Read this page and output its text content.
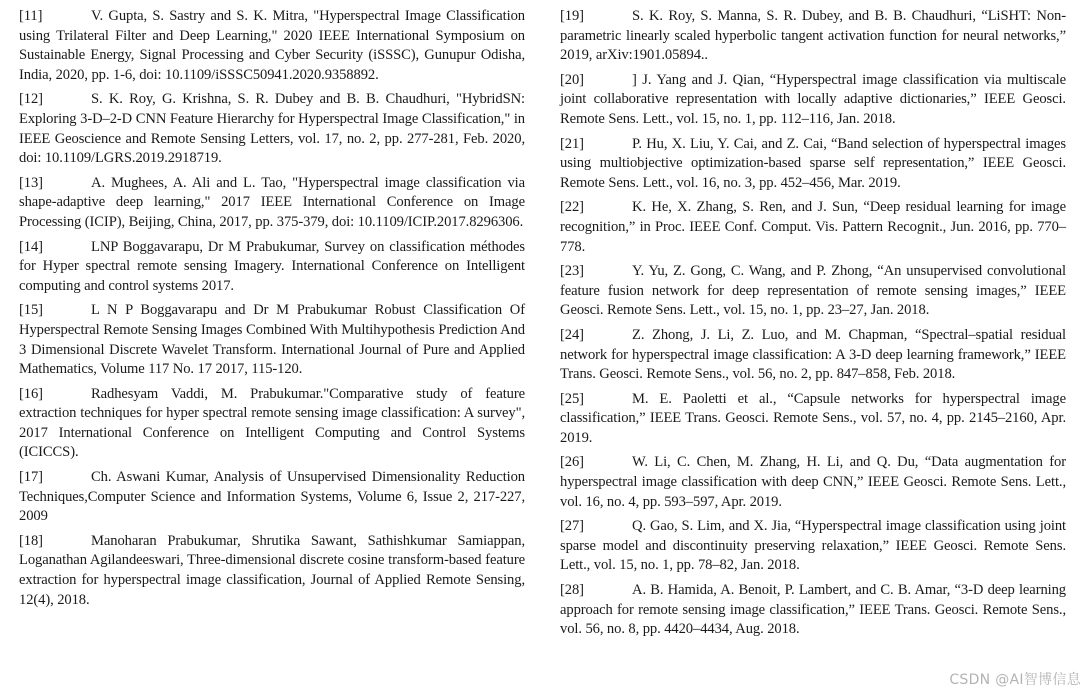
[11]	V. Gupta, S. Sastry and S. K. Mitra, "Hyperspectral Image Classification using Trilateral Filter and Deep Learning," 2020 IEEE International Symposium on Sustainable Energy, Signal Processing and Cyber Security (iSSSC), Gunupur Odisha, India, 2020, pp. 1-6, doi: 10.1109/iSSSC50941.2020.9358892.

[12]	S. K. Roy, G. Krishna, S. R. Dubey and B. B. Chaudhuri, "HybridSN: Exploring 3-D–2-D CNN Feature Hierarchy for Hyperspectral Image Classification," in IEEE Geoscience and Remote Sensing Letters, vol. 17, no. 2, pp. 277-281, Feb. 2020, doi: 10.1109/LGRS.2019.2918719.

[13]	A. Mughees, A. Ali and L. Tao, "Hyperspectral image classification via shape-adaptive deep learning," 2017 IEEE International Conference on Image Processing (ICIP), Beijing, China, 2017, pp. 375-379, doi: 10.1109/ICIP.2017.8296306.

[14]	LNP Boggavarapu, Dr M Prabukumar, Survey on classification méthodes for Hyper spectral remote sensing Imagery. International Conference on Intelligent computing and control systems 2017.

[15]	L N P Boggavarapu and Dr M Prabukumar Robust Classification Of Hyperspectral Remote Sensing Images Combined With Multihypothesis Prediction And 3 Dimensional Discrete Wavelet Transform. International Journal of Pure and Applied Mathematics, Volume 117 No. 17 2017, 115-120.

[16]	Radhesyam Vaddi, M. Prabukumar."Comparative study of feature extraction techniques for hyper spectral remote sensing image classification: A survey", 2017 International Conference on Intelligent Computing and Control Systems (ICICCS).

[17]	Ch. Aswani Kumar, Analysis of Unsupervised Dimensionality Reduction Techniques,Computer Science and Information Systems, Volume 6, Issue 2, 217-227, 2009

[18]	Manoharan Prabukumar, Shrutika Sawant, Sathishkumar Samiappan, Loganathan Agilandeeswari, Three-dimensional discrete cosine transform-based feature extraction for hyperspectral image classification, Journal of Applied Remote Sensing, 12(4), 2018.

[19]	S. K. Roy, S. Manna, S. R. Dubey, and B. B. Chaudhuri, “LiSHT: Non-parametric linearly scaled hyperbolic tangent activation function for neural networks,” 2019, arXiv:1901.05894..

[20]	] J. Yang and J. Qian, “Hyperspectral image classification via multiscale joint collaborative representation with locally adaptive dictionaries,” IEEE Geosci. Remote Sens. Lett., vol. 15, no. 1, pp. 112–116, Jan. 2018.

[21]	P. Hu, X. Liu, Y. Cai, and Z. Cai, “Band selection of hyperspectral images using multiobjective optimization-based sparse self representation,” IEEE Geosci. Remote Sens. Lett., vol. 16, no. 3, pp. 452–456, Mar. 2019.

[22]	K. He, X. Zhang, S. Ren, and J. Sun, “Deep residual learning for image recognition,” in Proc. IEEE Conf. Comput. Vis. Pattern Recognit., Jun. 2016, pp. 770–778.

[23]	Y. Yu, Z. Gong, C. Wang, and P. Zhong, “An unsupervised convolutional feature fusion network for deep representation of remote sensing images,” IEEE Geosci. Remote Sens. Lett., vol. 15, no. 1, pp. 23–27, Jan. 2018.

[24]	Z. Zhong, J. Li, Z. Luo, and M. Chapman, “Spectral–spatial residual network for hyperspectral image classification: A 3-D deep learning framework,” IEEE Trans. Geosci. Remote Sens., vol. 56, no. 2, pp. 847–858, Feb. 2018.

[25]	M. E. Paoletti et al., “Capsule networks for hyperspectral image classification,” IEEE Trans. Geosci. Remote Sens., vol. 57, no. 4, pp. 2145–2160, Apr. 2019.

[26]	W. Li, C. Chen, M. Zhang, H. Li, and Q. Du, “Data augmentation for hyperspectral image classification with deep CNN,” IEEE Geosci. Remote Sens. Lett., vol. 16, no. 4, pp. 593–597, Apr. 2019.

[27]	Q. Gao, S. Lim, and X. Jia, “Hyperspectral image classification using joint sparse model and discontinuity preserving relaxation,” IEEE Geosci. Remote Sens. Lett., vol. 15, no. 1, pp. 78–82, Jan. 2018.

[28]	A. B. Hamida, A. Benoit, P. Lambert, and C. B. Amar, “3-D deep learning approach for remote sensing image classification,” IEEE Trans. Geosci. Remote Sens., vol. 56, no. 8, pp. 4420–4434, Aug. 2018.

CSDN @AI智博信息
